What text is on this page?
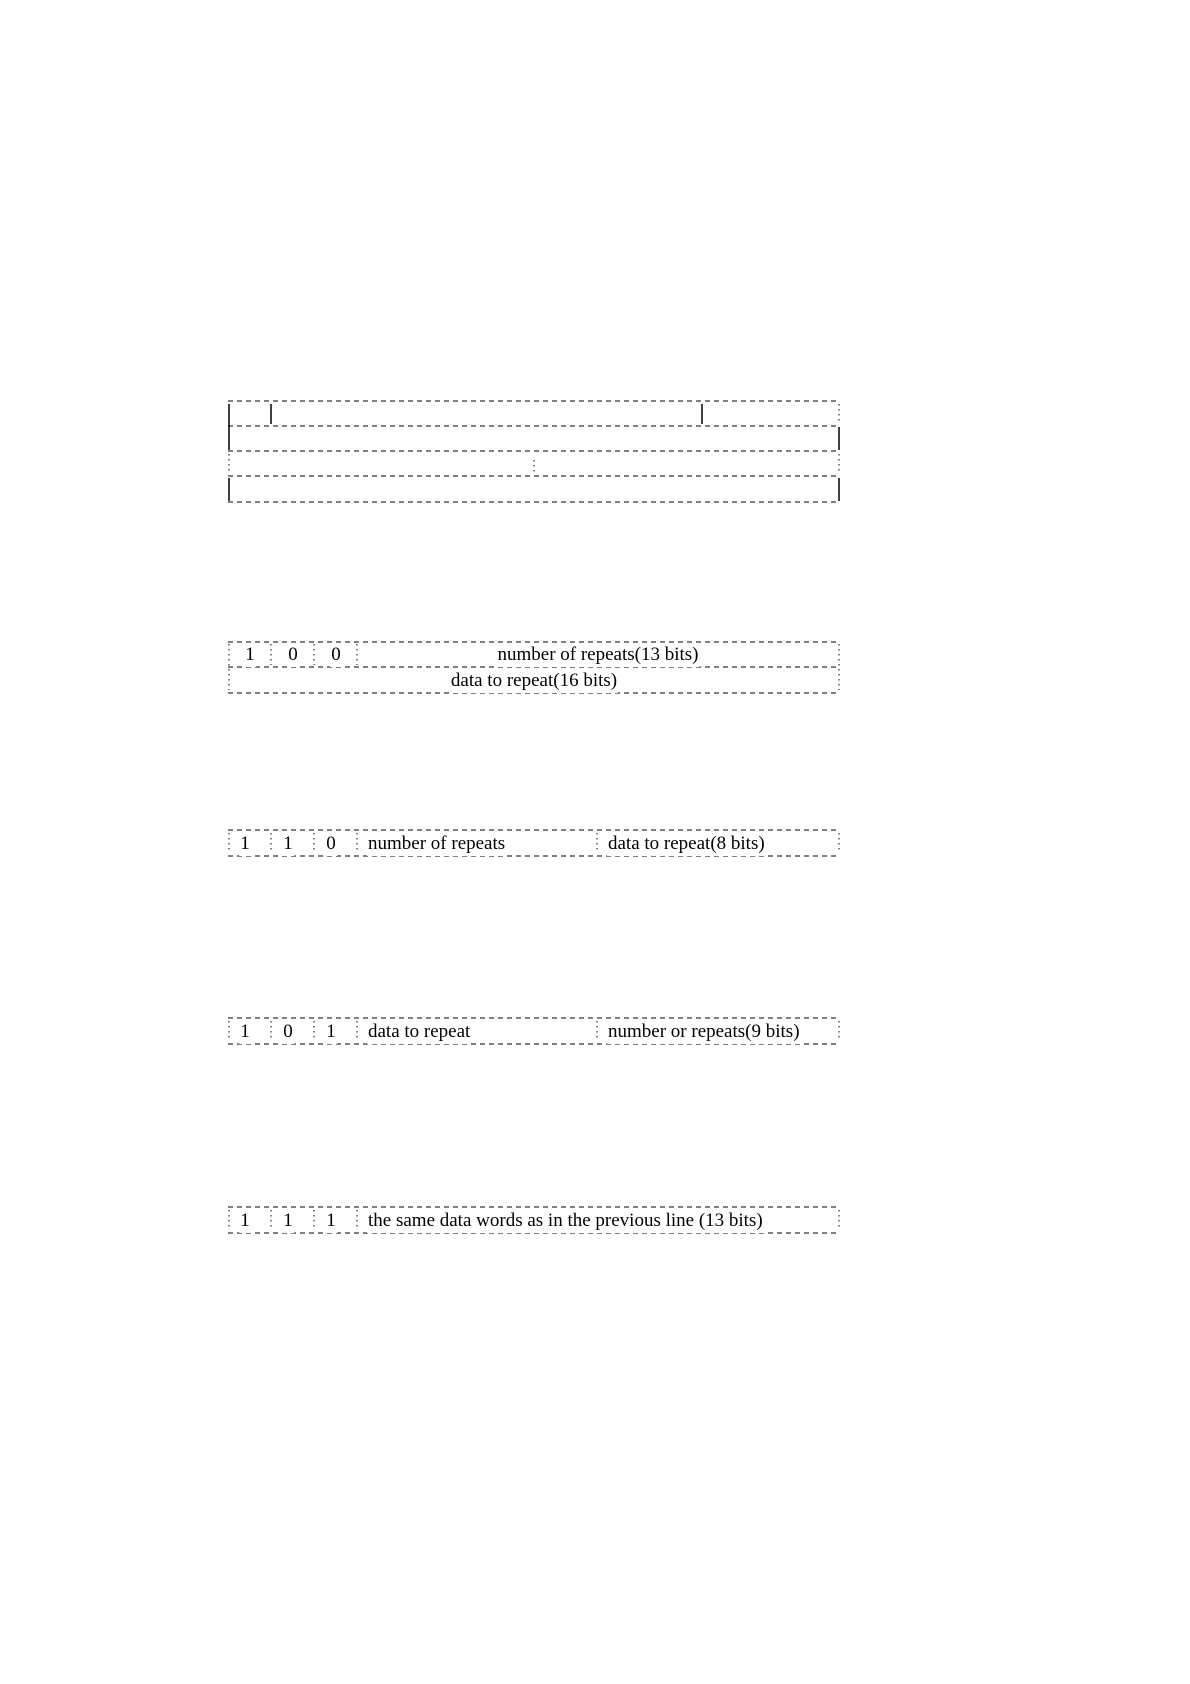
1 0 0	number of repeats(13 bits)
data to repeat(16 bits)
1 1 0 number of repeats	data to repeat(8 bits)
1 0 1 data to repeat	number or repeats(9 bits)
1 1 1 the same data words as in the previous line (13 bits)
